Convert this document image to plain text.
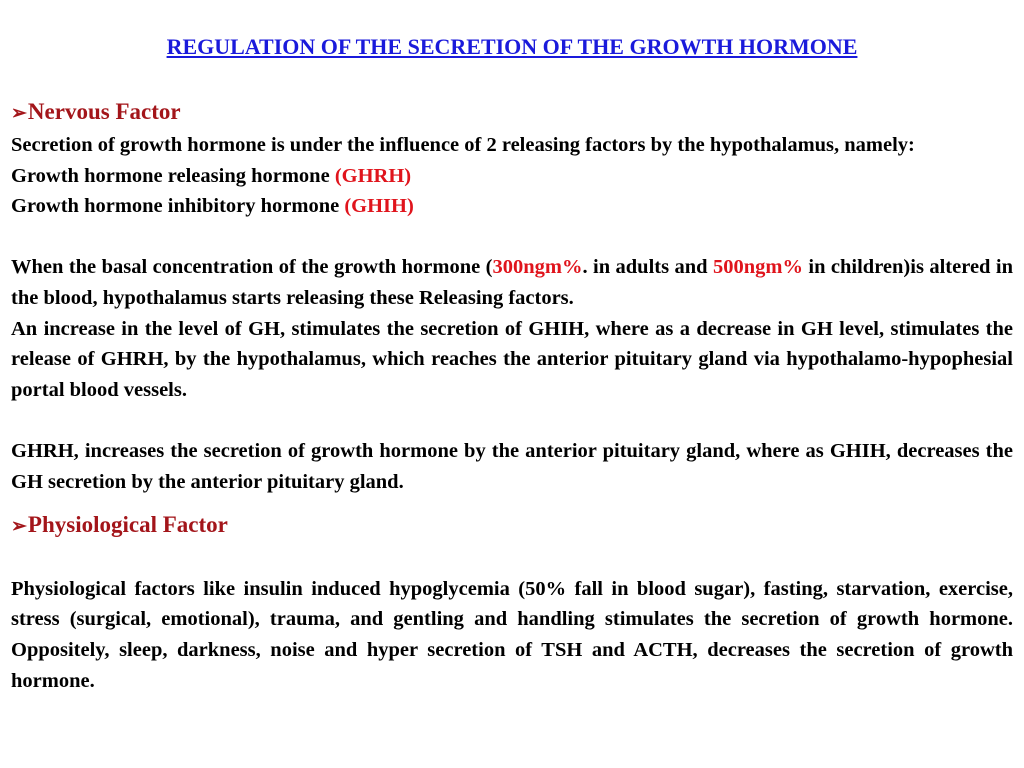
REGULATION OF THE SECRETION OF THE GROWTH HORMONE
➢Nervous Factor

Secretion of growth hormone is under the influence of 2 releasing factors by the hypothalamus, namely:

Growth hormone releasing hormone (GHRH)

Growth hormone inhibitory hormone (GHIH)

When the basal concentration of the growth hormone (300ngm%. in adults and 500ngm% in children)is altered in the blood, hypothalamus starts releasing these Releasing factors.

An increase in the level of GH, stimulates the secretion of GHIH, where as a decrease in GH level, stimulates the release of GHRH, by the hypothalamus, which reaches the anterior pituitary gland via hypothalamo-hypophesial portal blood vessels.

GHRH, increases the secretion of growth hormone by the anterior pituitary gland, where as GHIH, decreases the GH secretion by the anterior pituitary gland.

➢Physiological Factor

Physiological factors like insulin induced hypoglycemia (50% fall in blood sugar), fasting, starvation, exercise, stress (surgical, emotional), trauma, and gentling and handling stimulates the secretion of growth hormone. Oppositely, sleep, darkness, noise and hyper secretion of TSH and ACTH, decreases the secretion of growth hormone.
